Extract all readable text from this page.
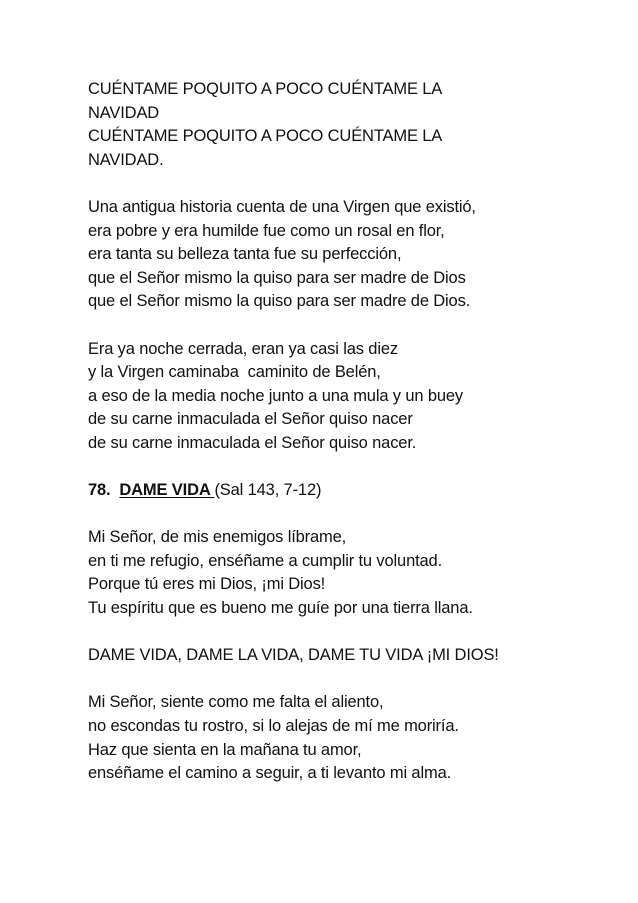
CUÉNTAME POQUITO A POCO CUÉNTAME LA
NAVIDAD
CUÉNTAME POQUITO A POCO CUÉNTAME LA
NAVIDAD.
Una antigua historia cuenta de una Virgen que existió,
era pobre y era humilde fue como un rosal en flor,
era tanta su belleza tanta fue su perfección,
que el Señor mismo la quiso para ser madre de Dios
que el Señor mismo la quiso para ser madre de Dios.
Era ya noche cerrada, eran ya casi las diez
y la Virgen caminaba  caminito de Belén,
a eso de la media noche junto a una mula y un buey
de su carne inmaculada el Señor quiso nacer
de su carne inmaculada el Señor quiso nacer.
78. DAME VIDA (Sal 143, 7-12)
Mi Señor, de mis enemigos líbrame,
en ti me refugio, enséñame a cumplir tu voluntad.
Porque tú eres mi Dios, ¡mi Dios!
Tu espíritu que es bueno me guíe por una tierra llana.
DAME VIDA, DAME LA VIDA, DAME TU VIDA ¡MI DIOS!
Mi Señor, siente como me falta el aliento,
no escondas tu rostro, si lo alejas de mí me moriría.
Haz que sienta en la mañana tu amor,
enséñame el camino a seguir, a ti levanto mi alma.
